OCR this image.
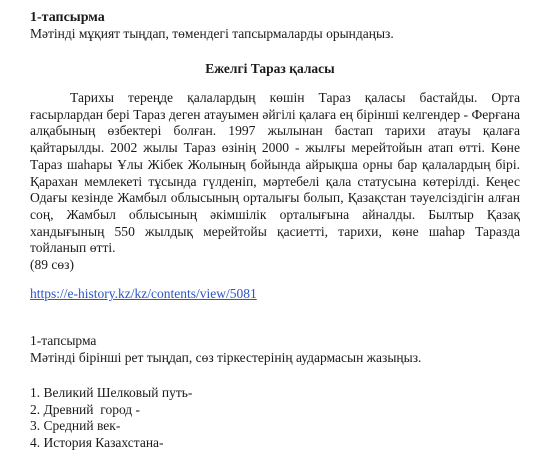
1-тапсырма
Мәтінді мұқият тыңдап, төмендегі тапсырмаларды орындаңыз.
Ежелгі Тараз қаласы

Тарихы тереңде қалалардың көшін Тараз қаласы бастайды. Орта ғасырлардан бері Тараз деген атауымен әйгілі қалаға ең бірінші келгендер - Ферғана алқабының өзбектері болған. 1997 жылынан бастап тарихи атауы қалаға қайтарылды. 2002 жылы Тараз өзінің 2000 - жылғы мерейтойын атап өтті. Көне Тараз шаһары Ұлы Жібек Жолының бойында айрықша орны бар қалалардың бірі. Қарахан мемлекеті тұсында гүлденіп, мәртебелі қала статусына көтерілді. Кеңес Одағы кезінде Жамбыл облысының орталығы болып, Қазақстан тәуелсіздігін алған соң, Жамбыл облысының әкімшілік орталығына айналды. Былтыр Қазақ хандығының 550 жылдық мерейтойы қасиетті, тарихи, көне шаһар Таразда тойланып өтті.

(89 сөз)
https://e-history.kz/kz/contents/view/5081
1-тапсырма
Мәтінді бірінші рет тыңдап, сөз тіркестерінің аудармасын жазыңыз.
1. Великий Шелковый путь-
2. Древний  город -
3. Средний век-
4. История Казахстана-
